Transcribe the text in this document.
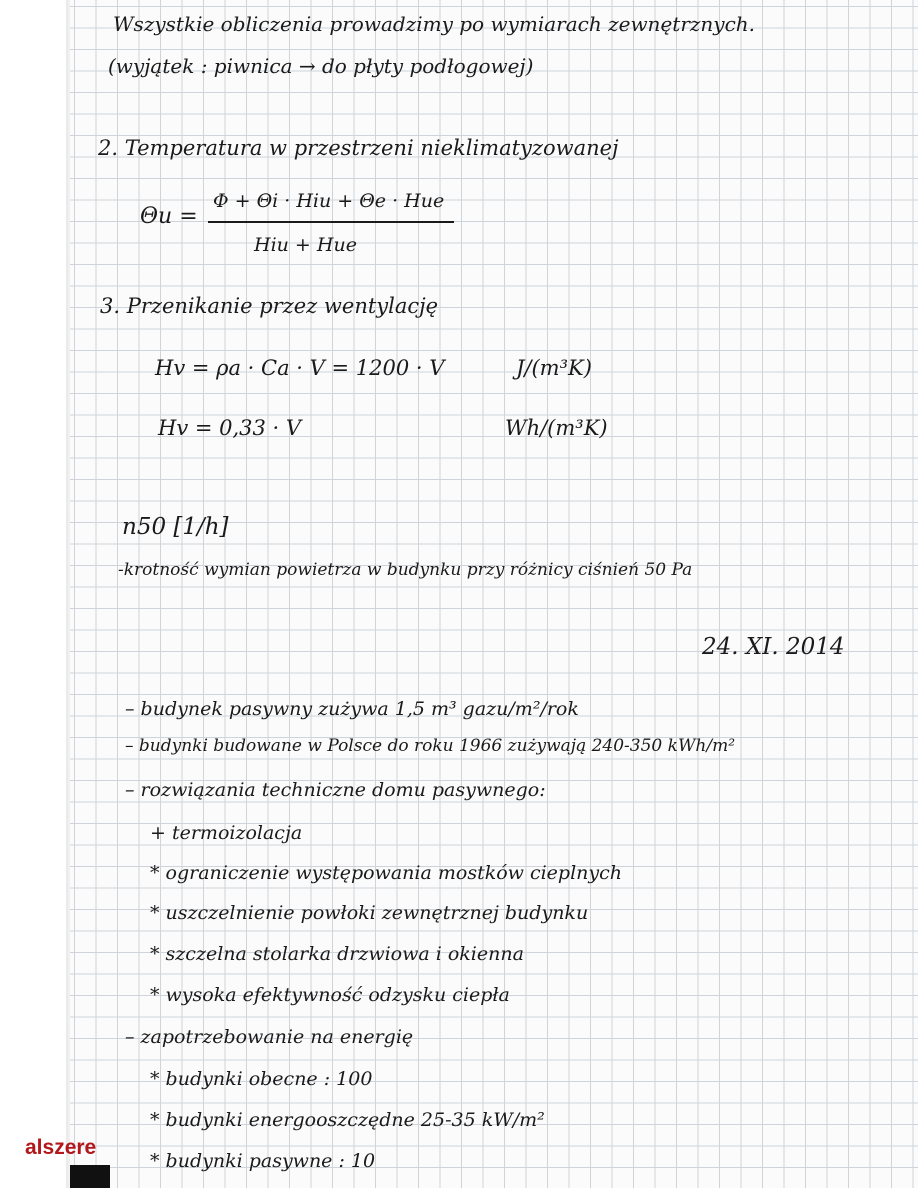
Wszystkie obliczenia prowadzimy po wymiarach zewnętrznych.
(wyjątek : piwnica → do płyty podłogowej)
2. Temperatura w przestrzeni nieklimatyzowanej
Θu =
Φ + Θi · Hiu + Θe · Hue
Hiu + Hue
3. Przenikanie przez wentylację
Hv = ρa · Ca · V = 1200 · V	J/(m³K)
Hv = 0,33 · V	Wh/(m³K)
n50 [1/h]
-krotność wymian powietrza w budynku przy różnicy ciśnień 50 Pa
24. XI. 2014
– budynek pasywny zużywa 1,5 m³ gazu/m²/rok
– budynki budowane w Polsce do roku 1966 zużywają 240-350 kWh/m²
– rozwiązania techniczne domu pasywnego:
+ termoizolacja
* ograniczenie występowania mostków cieplnych
* uszczelnienie powłoki zewnętrznej budynku
* szczelna stolarka drzwiowa i okienna
* wysoka efektywność odzysku ciepła
– zapotrzebowanie na energię
* budynki obecne : 100
* budynki energooszczędne 25-35 kW/m²
* budynki pasywne : 10
alszere
